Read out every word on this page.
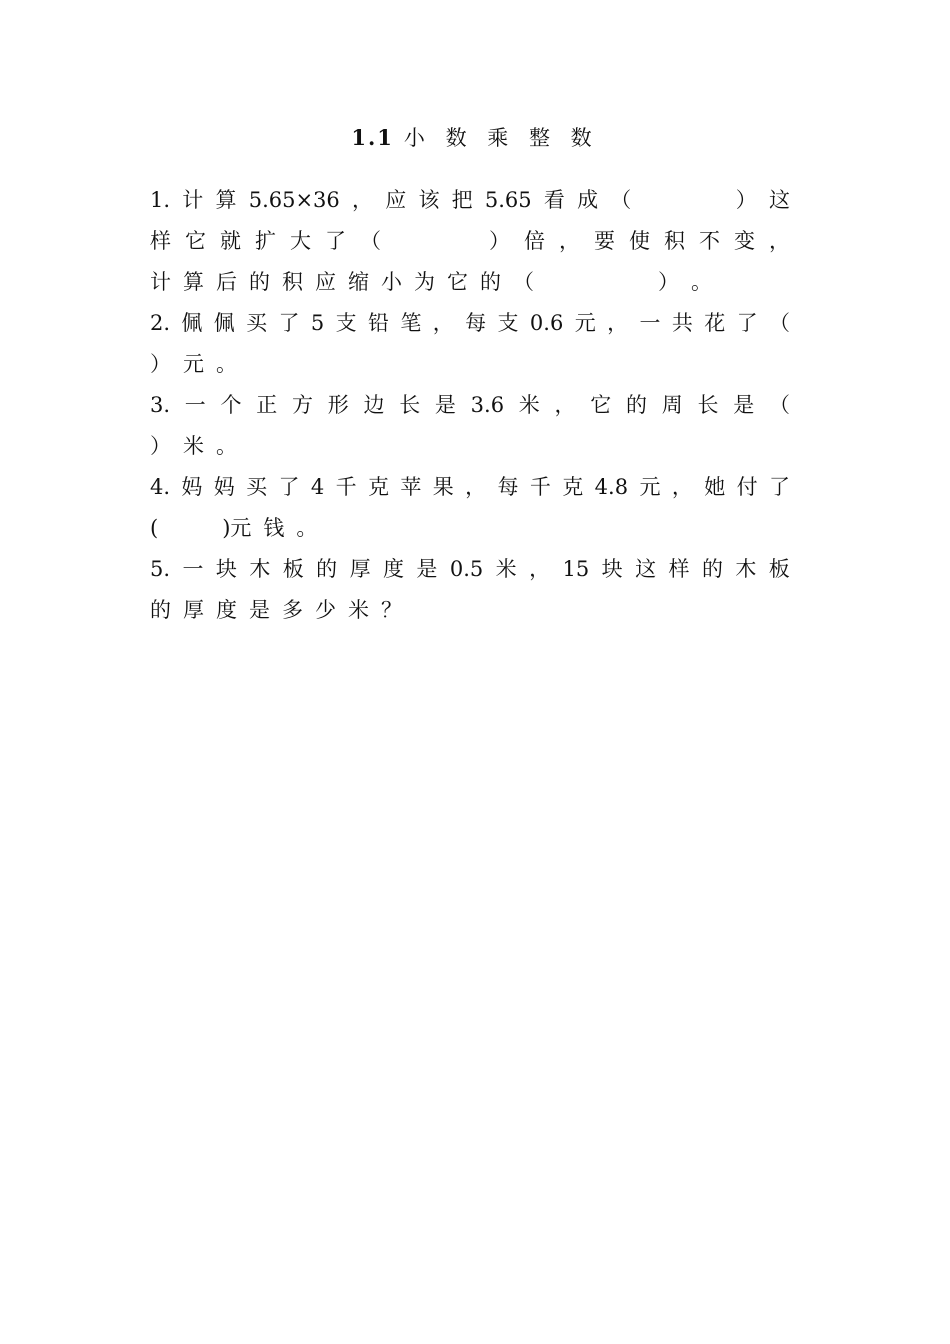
1.1 小 数 乘 整 数
1. 计 算 5.65×36 ， 应 该 把 5.65 看 成 （	） 这
样 它 就 扩 大 了 （	） 倍 ， 要 使 积 不 变 ，
计 算 后 的 积 应 缩 小 为 它 的 （	） 。
2. 佩 佩 买 了 5 支 铅 笔 ， 每 支 0.6 元 ， 一 共 花 了 （
） 元 。
3. 一 个 正 方 形 边 长 是 3.6 米 ， 它 的 周 长 是 （
） 米 。
4. 妈 妈 买 了 4 千 克 苹 果 ， 每 千 克 4.8 元 ， 她 付 了
(	)元 钱 。
5. 一 块 木 板 的 厚 度 是 0.5 米 ， 15 块 这 样 的 木 板
的 厚 度 是 多 少 米 ？
